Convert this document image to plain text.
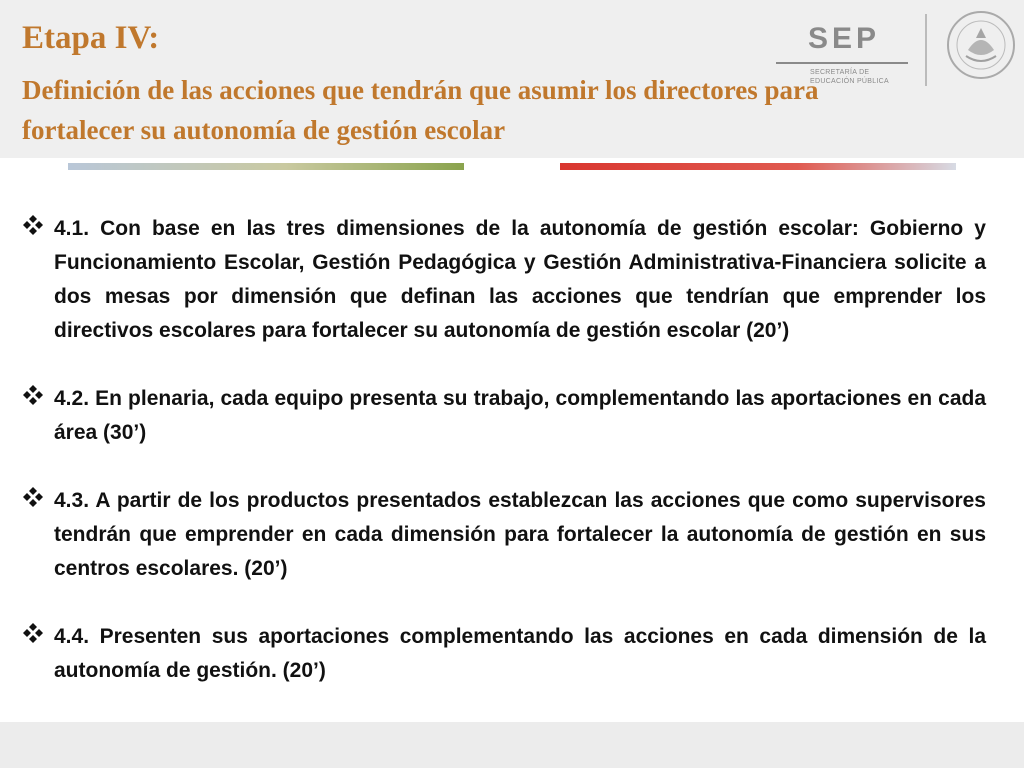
Etapa IV:
Definición de las acciones que tendrán que asumir los directores para fortalecer su autonomía de gestión escolar
SEP
SECRETARÍA DE
EDUCACIÓN PÚBLICA
4.1. Con base en las tres dimensiones de la autonomía de gestión escolar: Gobierno y Funcionamiento Escolar, Gestión Pedagógica y Gestión Administrativa-Financiera solicite a dos mesas por dimensión que definan las acciones que tendrían que emprender los directivos escolares para fortalecer su autonomía de gestión escolar (20’)
4.2. En plenaria, cada equipo presenta su trabajo, complementando las aportaciones en cada área (30’)
4.3. A partir de los productos presentados establezcan las acciones que como supervisores tendrán que emprender en cada dimensión para fortalecer la autonomía de gestión en sus centros escolares. (20’)
4.4. Presenten sus aportaciones complementando las acciones en cada dimensión de la autonomía de gestión. (20’)
